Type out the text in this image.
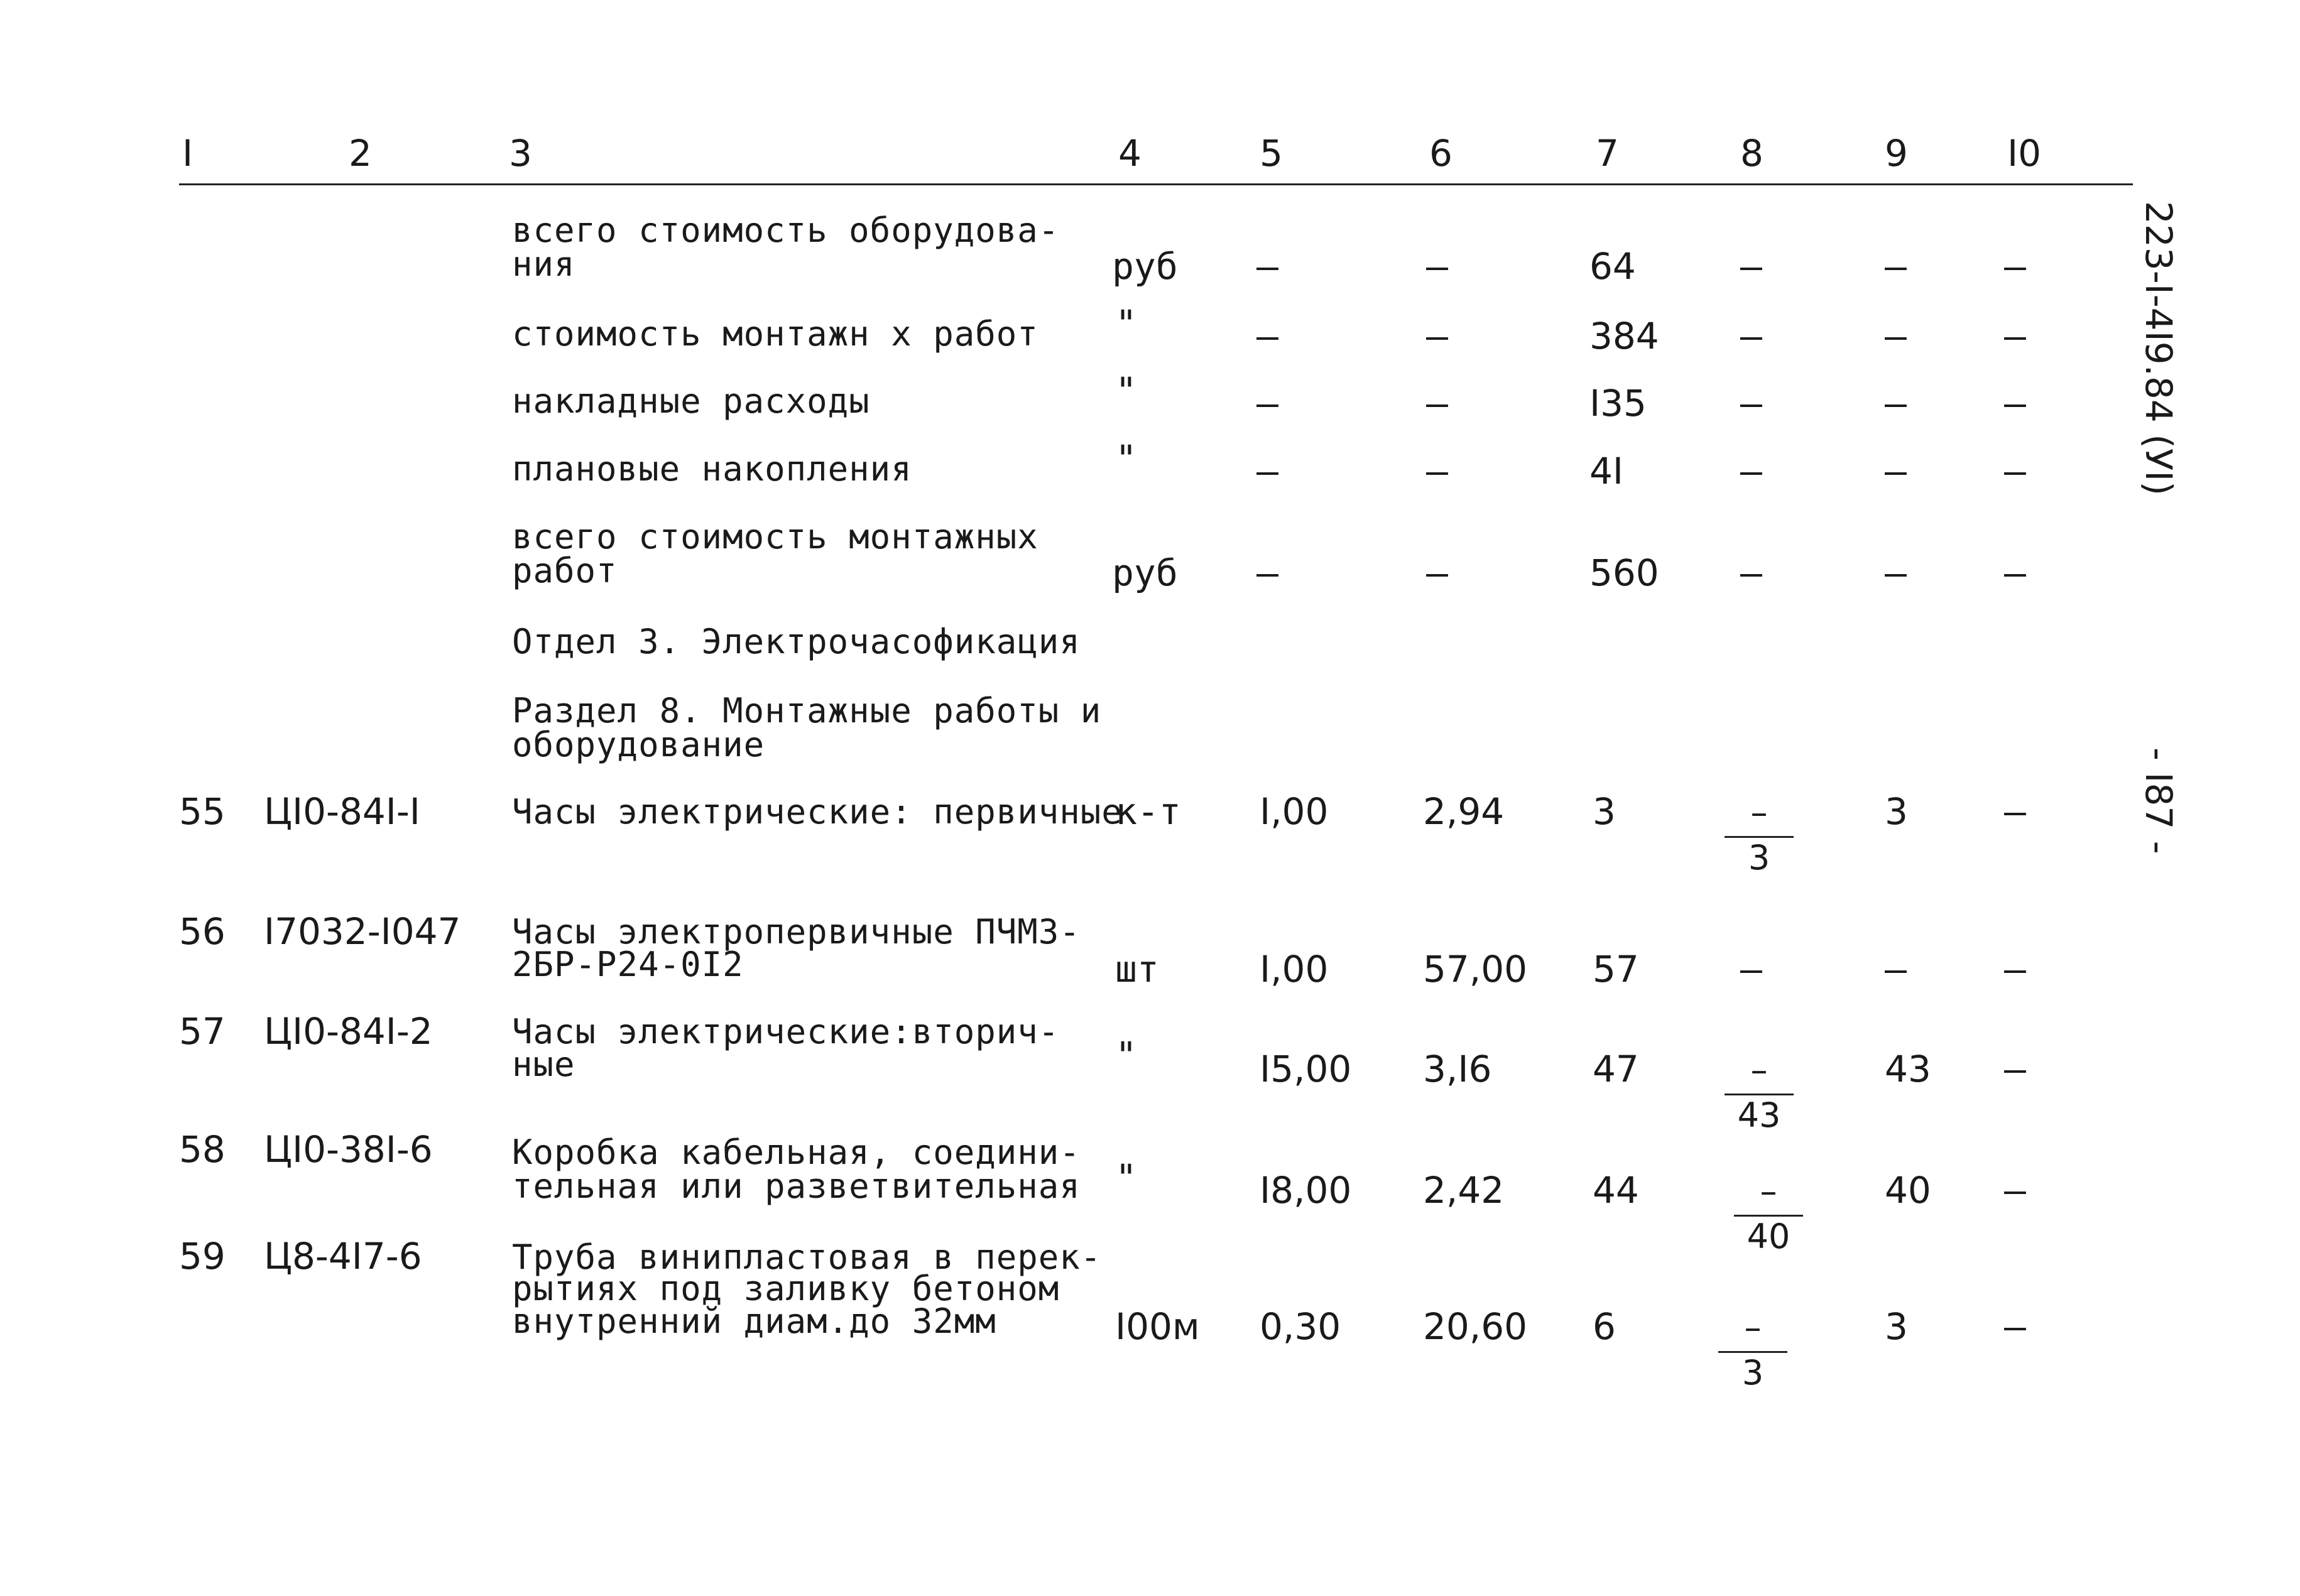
I	2	3	4	5	6	7	8	9	I0
223-I-4I9.84 (УI)
- I87 -
всего стоимость оборудова-
ния	руб –	–	64	–	–	–
стоимость монтажн х работ "	–	–	384 –	–	–
накладные расходы	"	–	–	I35	–	–	–
плановые накопления	"	–	–	4I	–	–	–
всего стоимость монтажных
работ	руб –	–	560 –	–	–
Отдел 3. Электрочасофикация
Раздел 8. Монтажные работы и
оборудование
55 ЦI0-84I-I	Часы электрические: первичные
к-т I,00	2,94 3	–
3
3	–
56 I7032-I047 Часы электропервичные ПЧМЗ-
2БР-Р24-0I2	шт	I,00	57,00 57	–	–	–
57 ЦI0-84I-2 Часы электрические:вторич-
ные	"	I5,00 3,I6	47	–
43
43 –
58 ЦI0-38I-6 Коробка кабельная, соедини-
тельная или разветвительная "	I8,00 2,42 44	–
40
40 –
59 Ц8-4I7-6	Труба винипластовая в перек-
рытиях под заливку бетоном
внутренний диам.до 32мм	I00м 0,30 20,60 6	–
3
3	–
